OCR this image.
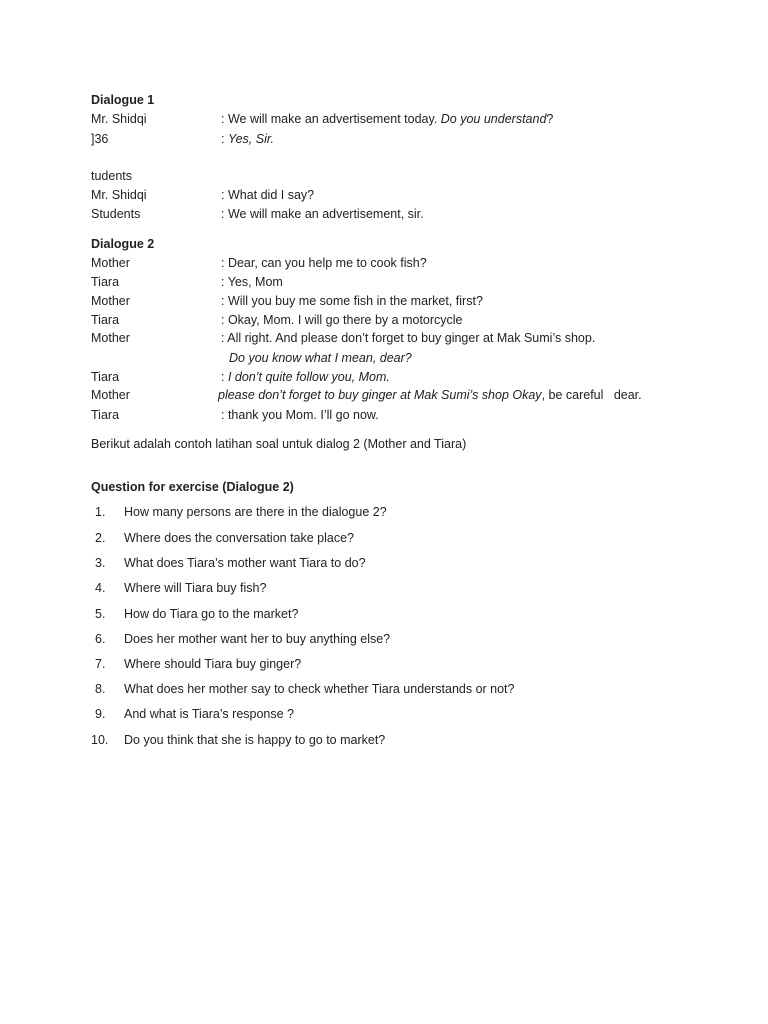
Dialogue 1
Mr. Shidqi	: We will make an advertisement today. Do you understand?
]36	: Yes, Sir.
tudents
Mr. Shidqi	: What did I say?
Students	: We will make an advertisement, sir.
Dialogue 2
Mother	: Dear, can you help me to cook fish?
Tiara	: Yes, Mom
Mother	: Will you buy me some fish in the market, first?
Tiara	: Okay, Mom. I will go there by a motorcycle
Mother	: All right. And please don’t forget to buy ginger at Mak Sumi’s shop.
Do you know what I mean, dear?
Tiara	: I don’t quite follow you, Mom.
Mother	please don’t forget to buy ginger at Mak Sumi’s shop Okay, be careful   dear.
Tiara	: thank you Mom. I’ll go now.
Berikut adalah contoh latihan soal untuk dialog 2 (Mother and Tiara)
Question for exercise (Dialogue 2)
1. How many persons are there in the dialogue 2?
2. Where does the conversation take place?
3. What does Tiara’s mother want Tiara to do?
4. Where will Tiara buy fish?
5. How do Tiara go to the market?
6. Does her mother want her to buy anything else?
7. Where should Tiara buy ginger?
8. What does her mother say to check whether Tiara understands or not?
9. And what is Tiara’s response ?
10. Do you think that she is happy to go to market?
